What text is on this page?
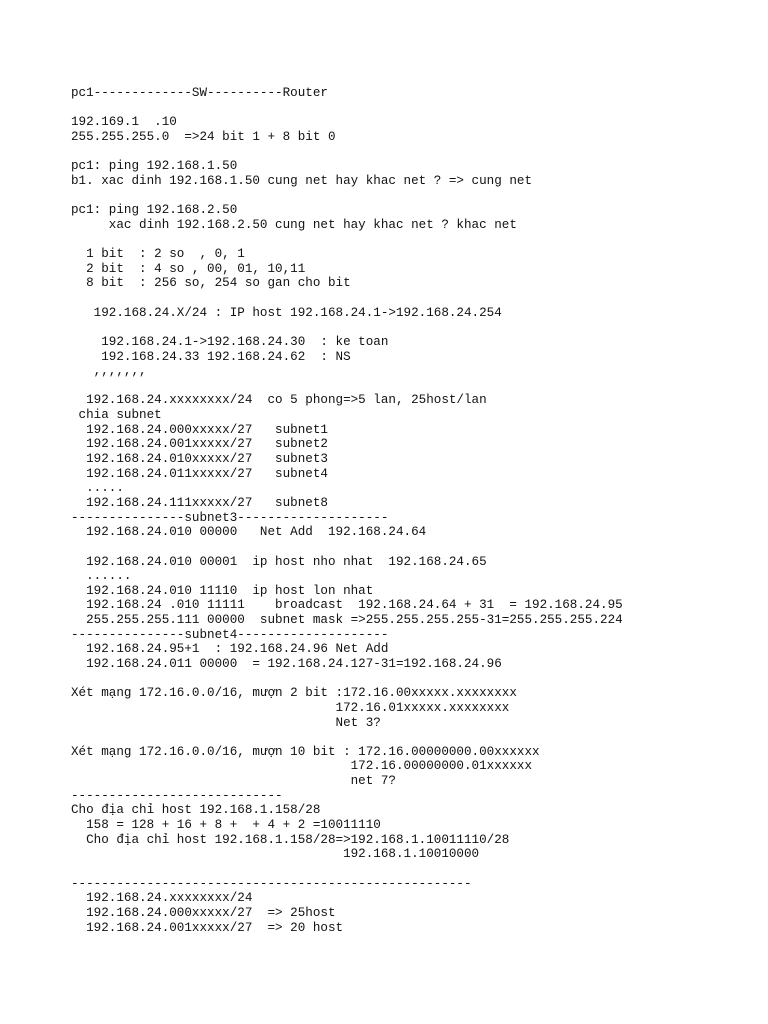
pc1-------------SW----------Router
192.169.1  .10
255.255.255.0  =>24 bit 1 + 8 bit 0
pc1: ping 192.168.1.50
b1. xac dinh 192.168.1.50 cung net hay khac net ? => cung net
pc1: ping 192.168.2.50
xac dinh 192.168.2.50 cung net hay khac net ? khac net
1 bit  : 2 so  , 0, 1
2 bit  : 4 so , 00, 01, 10,11
8 bit  : 256 so, 254 so gan cho bit
192.168.24.X/24 : IP host 192.168.24.1->192.168.24.254
192.168.24.1->192.168.24.30  : ke toan
192.168.24.33 192.168.24.62  : NS
,,,,,,,
192.168.24.xxxxxxxx/24  co 5 phong=>5 lan, 25host/lan
chia subnet
192.168.24.000xxxxx/27   subnet1
192.168.24.001xxxxx/27   subnet2
192.168.24.010xxxxx/27   subnet3
192.168.24.011xxxxx/27   subnet4
.....
192.168.24.111xxxxx/27   subnet8
---------------subnet3--------------------
192.168.24.010 00000   Net Add  192.168.24.64
192.168.24.010 00001  ip host nho nhat  192.168.24.65
......
192.168.24.010 11110  ip host lon nhat
192.168.24 .010 11111    broadcast  192.168.24.64 + 31  = 192.168.24.95
255.255.255.111 00000  subnet mask =>255.255.255.255-31=255.255.255.224
---------------subnet4--------------------
192.168.24.95+1  : 192.168.24.96 Net Add
192.168.24.011 00000  = 192.168.24.127-31=192.168.24.96
Xét mạng 172.16.0.0/16, mượn 2 bit :172.16.00xxxxx.xxxxxxxx
172.16.01xxxxx.xxxxxxxx
Net 3?
Xét mạng 172.16.0.0/16, mượn 10 bit : 172.16.00000000.00xxxxxx
172.16.00000000.01xxxxxx
net 7?
----------------------------
Cho địa chỉ host 192.168.1.158/28
158 = 128 + 16 + 8 +  + 4 + 2 =10011110
Cho địa chỉ host 192.168.1.158/28=>192.168.1.10011110/28
192.168.1.10010000
-----------------------------------------------------
192.168.24.xxxxxxxx/24
192.168.24.000xxxxx/27  => 25host
192.168.24.001xxxxx/27  => 20 host
